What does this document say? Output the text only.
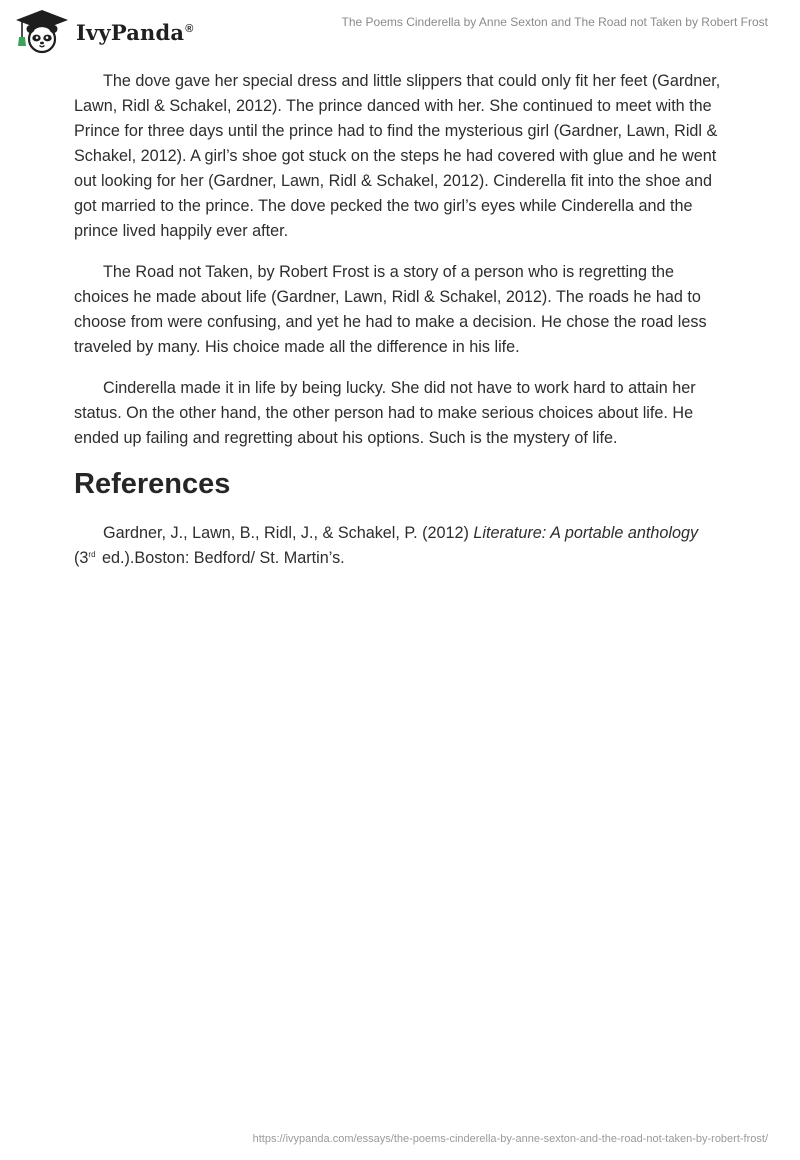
IvyPanda®	The Poems Cinderella by Anne Sexton and The Road not Taken by Robert Frost

The dove gave her special dress and little slippers that could only fit her feet (Gardner, Lawn, Ridl & Schakel, 2012). The prince danced with her. She continued to meet with the Prince for three days until the prince had to find the mysterious girl (Gardner, Lawn, Ridl & Schakel, 2012). A girl’s shoe got stuck on the steps he had covered with glue and he went out looking for her (Gardner, Lawn, Ridl & Schakel, 2012). Cinderella fit into the shoe and got married to the prince. The dove pecked the two girl’s eyes while Cinderella and the prince lived happily ever after.

The Road not Taken, by Robert Frost is a story of a person who is regretting the choices he made about life (Gardner, Lawn, Ridl & Schakel, 2012). The roads he had to choose from were confusing, and yet he had to make a decision. He chose the road less traveled by many. His choice made all the difference in his life.

Cinderella made it in life by being lucky. She did not have to work hard to attain her status. On the other hand, the other person had to make serious choices about life. He ended up failing and regretting about his options. Such is the mystery of life.

References

Gardner, J., Lawn, B., Ridl, J., & Schakel, P. (2012) Literature: A portable anthology
(3rd ed.).Boston: Bedford/ St. Martin’s.

https://ivypanda.com/essays/the-poems-cinderella-by-anne-sexton-and-the-road-not-taken-by-robert-frost/
